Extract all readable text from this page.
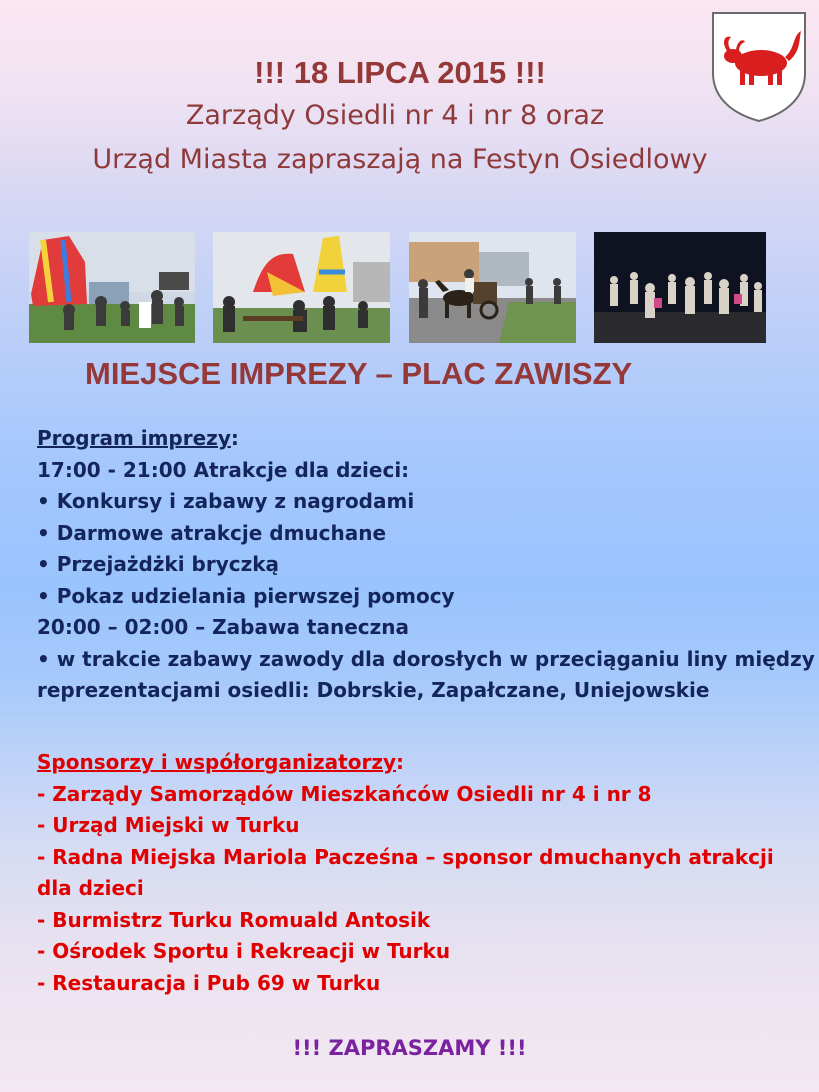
!!! 18 LIPCA 2015 !!!
Zarządy Osiedli nr 4 i nr 8 oraz
Urząd Miasta zapraszają na Festyn Osiedlowy
MIEJSCE IMPREZY – PLAC ZAWISZY
Program imprezy:
17:00 - 21:00 Atrakcje dla dzieci:
• Konkursy i zabawy z nagrodami
• Darmowe atrakcje dmuchane
• Przejażdżki bryczką
• Pokaz udzielania pierwszej pomocy
20:00 – 02:00 – Zabawa taneczna
• w trakcie zabawy zawody dla dorosłych w przeciąganiu liny między
reprezentacjami osiedli: Dobrskie, Zapałczane, Uniejowskie
Sponsorzy i współorganizatorzy:
- Zarządy Samorządów Mieszkańców Osiedli nr 4 i nr 8
- Urząd Miejski w Turku
- Radna Miejska Mariola Pacześna – sponsor dmuchanych atrakcji
dla dzieci
- Burmistrz Turku Romuald Antosik
- Ośrodek Sportu i Rekreacji w Turku
- Restauracja i Pub 69 w Turku
!!! ZAPRASZAMY !!!
